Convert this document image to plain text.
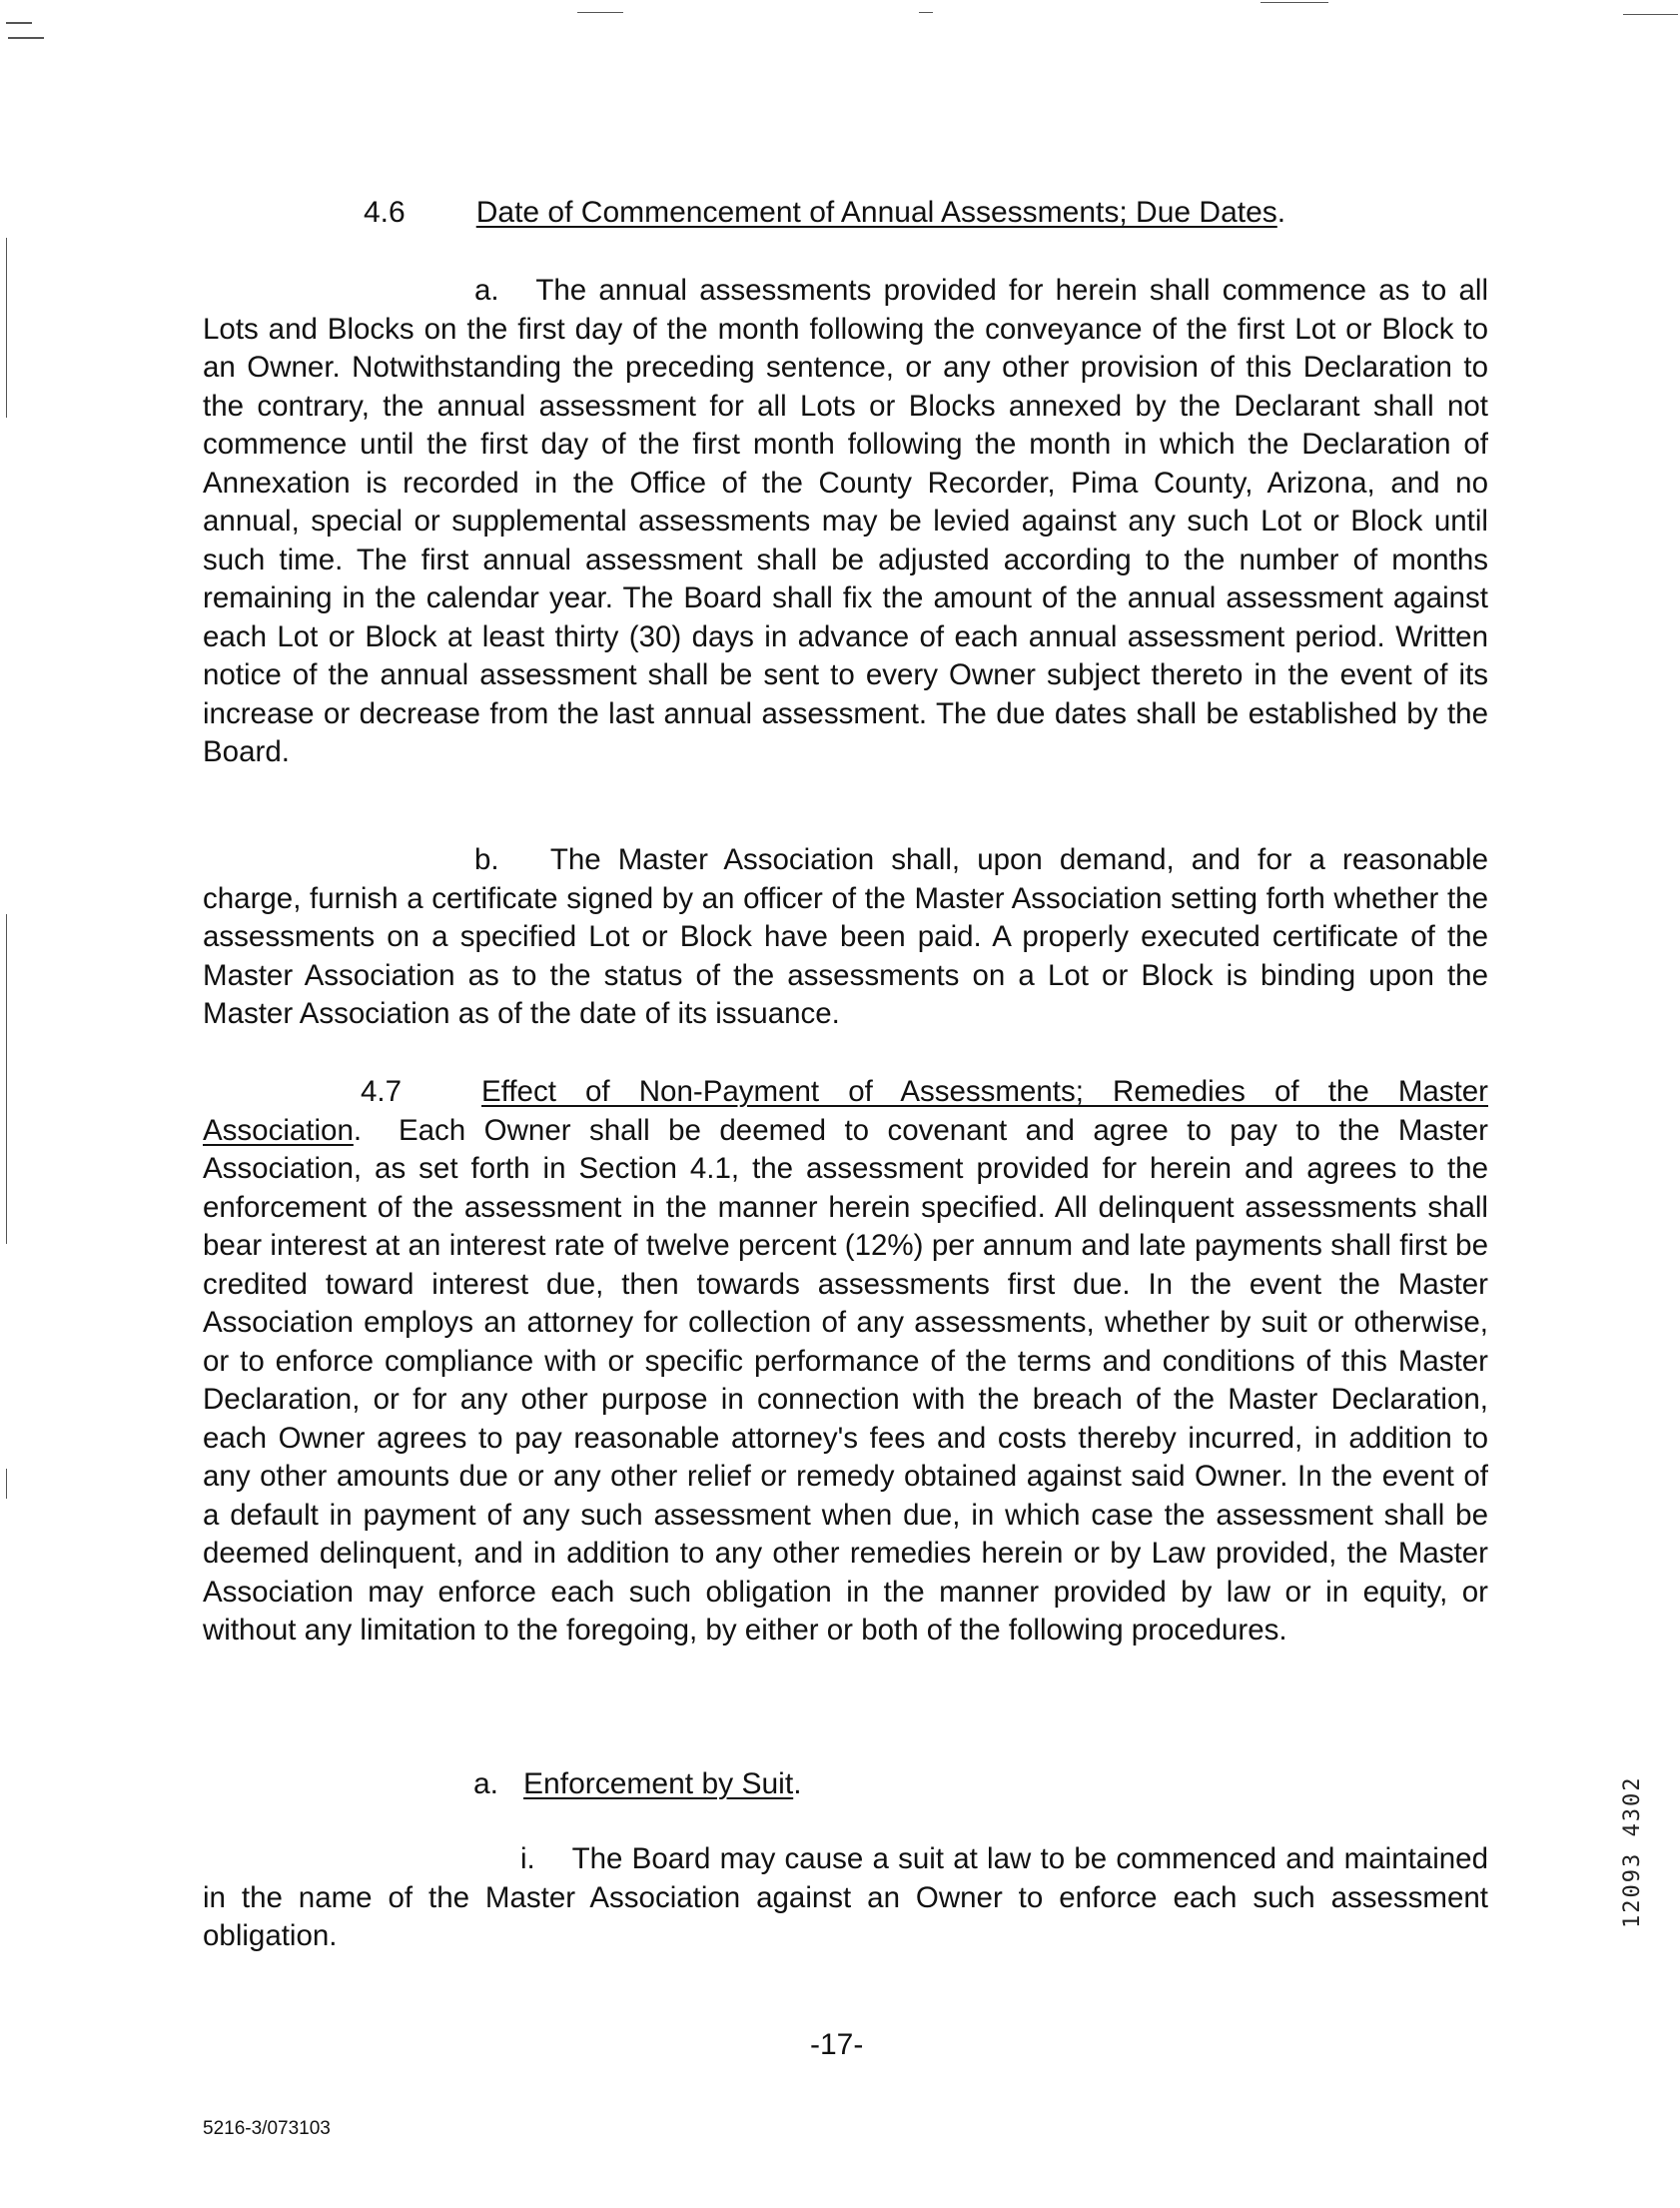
4.6 Date of Commencement of Annual Assessments; Due Dates.
a. The annual assessments provided for herein shall commence as to all Lots and Blocks on the first day of the month following the conveyance of the first Lot or Block to an Owner. Notwithstanding the preceding sentence, or any other provision of this Declaration to the contrary, the annual assessment for all Lots or Blocks annexed by the Declarant shall not commence until the first day of the first month following the month in which the Declaration of Annexation is recorded in the Office of the County Recorder, Pima County, Arizona, and no annual, special or supplemental assessments may be levied against any such Lot or Block until such time. The first annual assessment shall be adjusted according to the number of months remaining in the calendar year. The Board shall fix the amount of the annual assessment against each Lot or Block at least thirty (30) days in advance of each annual assessment period. Written notice of the annual assessment shall be sent to every Owner subject thereto in the event of its increase or decrease from the last annual assessment. The due dates shall be established by the Board.
b. The Master Association shall, upon demand, and for a reasonable charge, furnish a certificate signed by an officer of the Master Association setting forth whether the assessments on a specified Lot or Block have been paid. A properly executed certificate of the Master Association as to the status of the assessments on a Lot or Block is binding upon the Master Association as of the date of its issuance.
4.7	Effect of Non-Payment of Assessments; Remedies of the Master Association. Each Owner shall be deemed to covenant and agree to pay to the Master Association, as set forth in Section 4.1, the assessment provided for herein and agrees to the enforcement of the assessment in the manner herein specified. All delinquent assessments shall bear interest at an interest rate of twelve percent (12%) per annum and late payments shall first be credited toward interest due, then towards assessments first due. In the event the Master Association employs an attorney for collection of any assessments, whether by suit or otherwise, or to enforce compliance with or specific performance of the terms and conditions of this Master Declaration, or for any other purpose in connection with the breach of the Master Declaration, each Owner agrees to pay reasonable attorney's fees and costs thereby incurred, in addition to any other amounts due or any other relief or remedy obtained against said Owner. In the event of a default in payment of any such assessment when due, in which case the assessment shall be deemed delinquent, and in addition to any other remedies herein or by Law provided, the Master Association may enforce each such obligation in the manner provided by law or in equity, or without any limitation to the foregoing, by either or both of the following procedures.
a. Enforcement by Suit.
i. The Board may cause a suit at law to be commenced and maintained in the name of the Master Association against an Owner to enforce each such assessment obligation.
-17-
5216-3/073103
12093 4302
